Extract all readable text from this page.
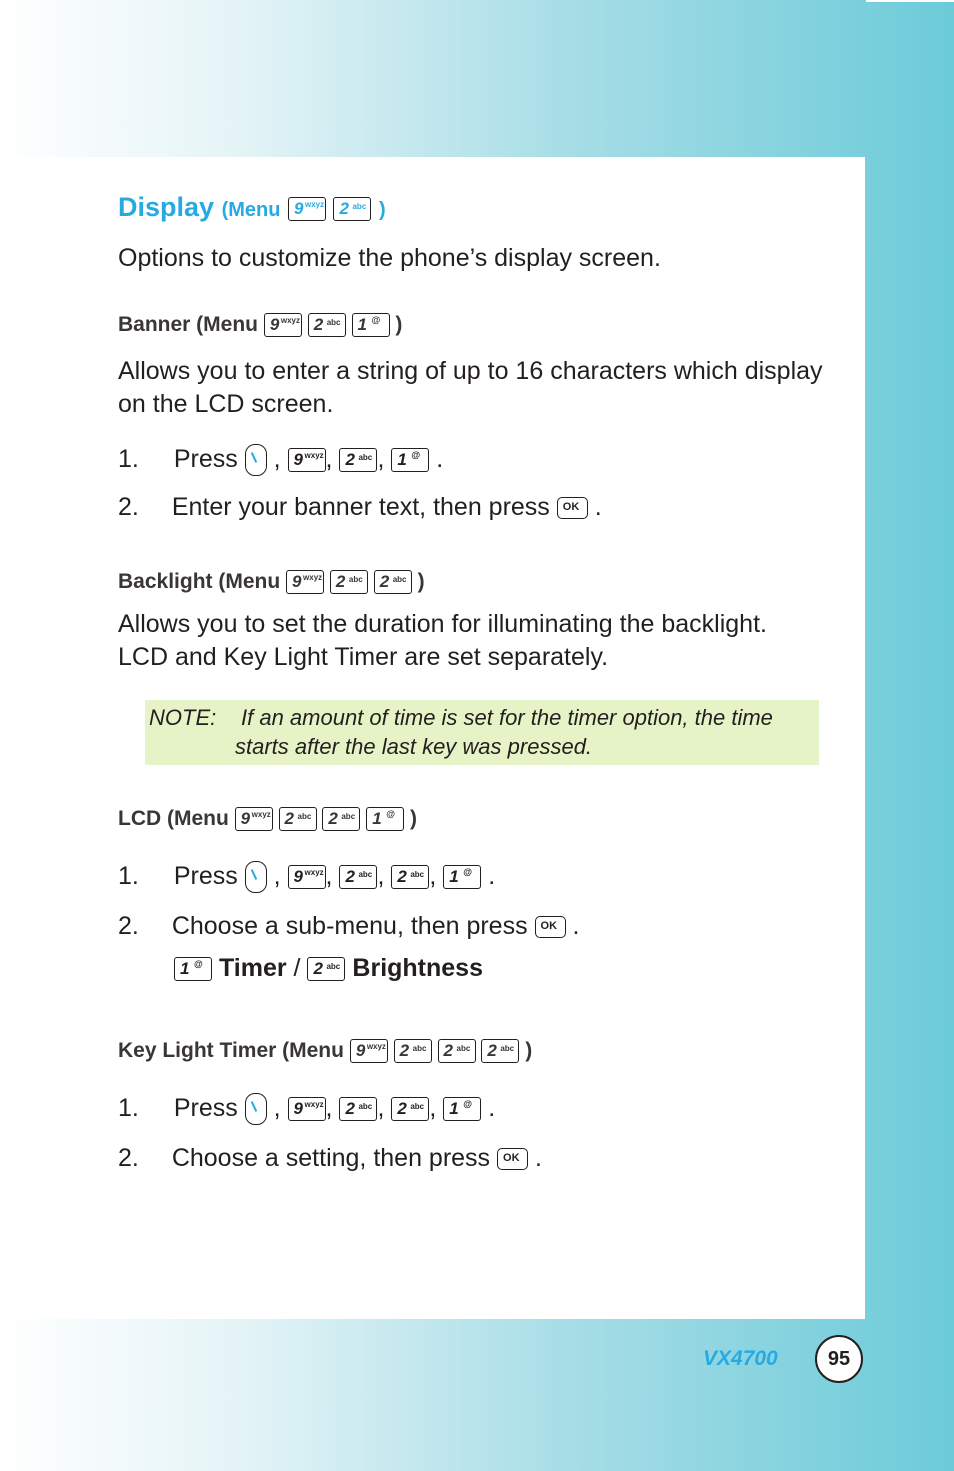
Display (Menu 9 wxyz
2 abc )
Options to customize the phone’s display screen.
Banner (Menu 9 wxyz
2 abc
1 @ )
Allows you to enter a string of up to 16 characters which display
on the LCD screen.
1. Press , 9 wxyz , 2 abc , 1 @ .
2. Enter your banner text, then press OK .
Backlight (Menu 9 wxyz
2 abc
2 abc )
Allows you to set the duration for illuminating the backlight.
LCD and Key Light Timer are set separately.
NOTE: If an amount of time is set for the timer option, the time
starts after the last key was pressed.
LCD (Menu 9 wxyz
2 abc
2 abc
1 @ )
1. Press , 9 wxyz , 2 abc , 2 abc , 1 @ .
2. Choose a sub-menu, then press OK .
1 @ Timer / 2 abc Brightness
Key Light Timer (Menu 9 wxyz
2 abc
2 abc
2 abc )
1. Press , 9 wxyz , 2 abc , 2 abc , 1 @ .
2. Choose a setting, then press OK .
VX4700	95
